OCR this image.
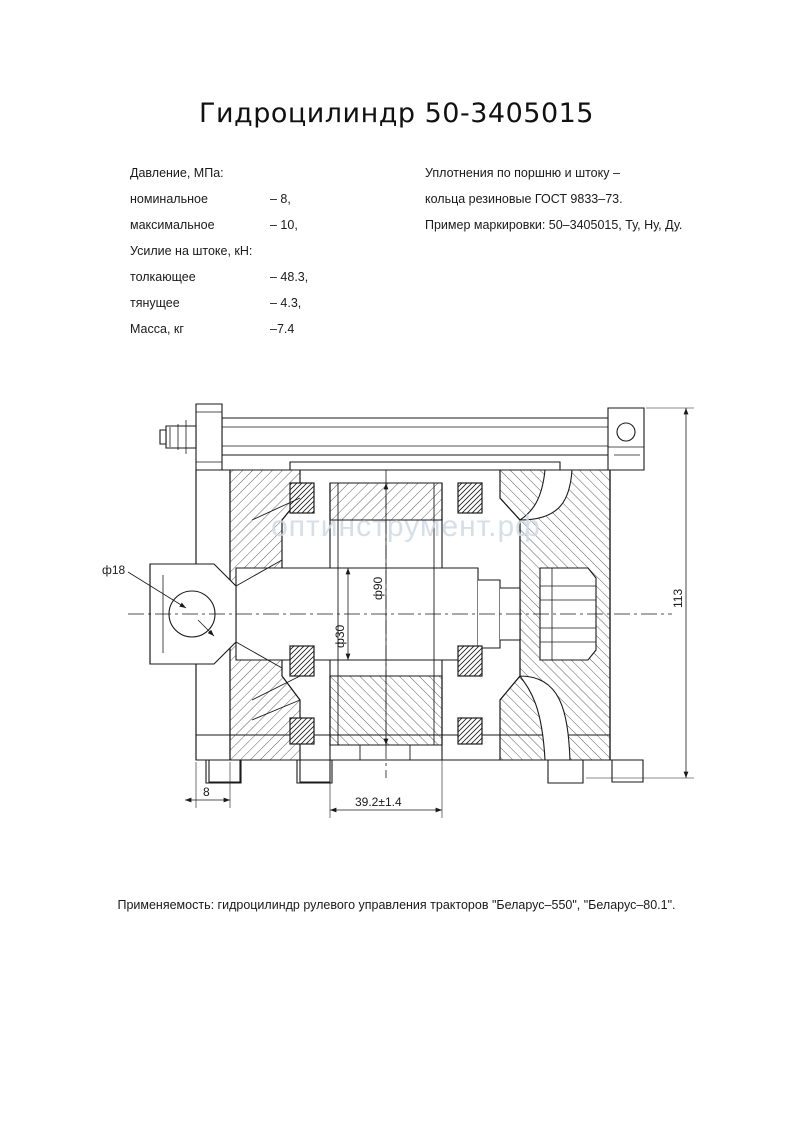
Гидроцилиндр 50-3405015
Давление, МПа:
номинальное	– 8,
максимальное	– 10,
Усилие на штоке, кН:
толкающее	– 48.3,
тянущее	– 4.3,
Масса, кг	–7.4
Уплотнения по поршню и штоку –
кольца резиновые ГОСТ 9833–73.
Пример маркировки: 50–3405015, Ту, Ну, Ду.
ф18
ф90
ф30
39.2±1.4
8
113
оптинструмент.рф
Применяемость: гидроцилиндр рулевого управления тракторов "Беларус–550", "Беларус–80.1".
